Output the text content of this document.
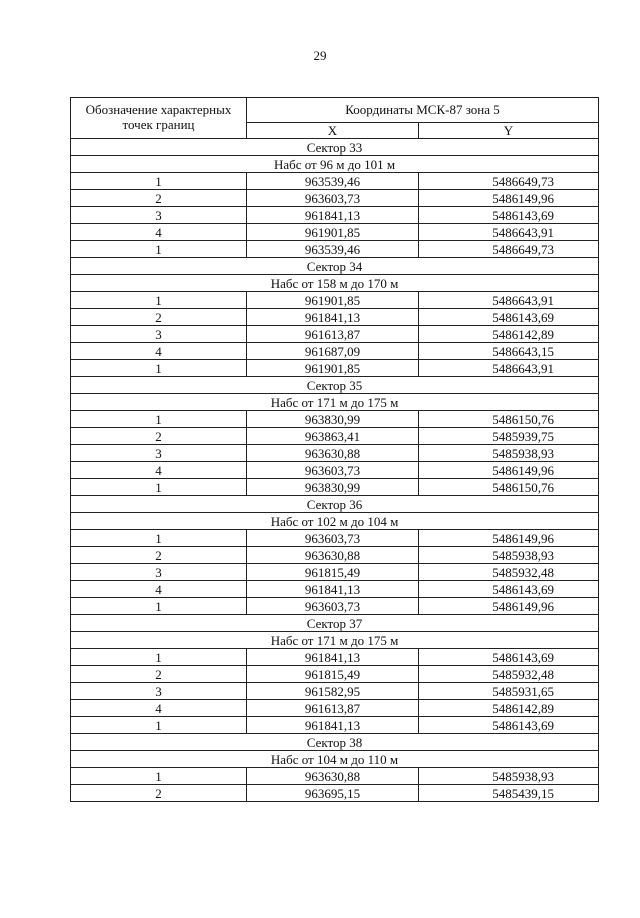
29
Обозначение характерных точек границ	Координаты МСК-87 зона 5	
	X	Y
Сектор 33		
Набс от 96 м до 101 м		
1	963539,46	5486649,73
2	963603,73	5486149,96
3	961841,13	5486143,69
4	961901,85	5486643,91
1	963539,46	5486649,73
Сектор 34		
Набс от 158 м до 170 м		
1	961901,85	5486643,91
2	961841,13	5486143,69
3	961613,87	5486142,89
4	961687,09	5486643,15
1	961901,85	5486643,91
Сектор 35		
Набс от 171 м до 175 м		
1	963830,99	5486150,76
2	963863,41	5485939,75
3	963630,88	5485938,93
4	963603,73	5486149,96
1	963830,99	5486150,76
Сектор 36		
Набс от 102 м до 104 м		
1	963603,73	5486149,96
2	963630,88	5485938,93
3	961815,49	5485932,48
4	961841,13	5486143,69
1	963603,73	5486149,96
Сектор 37		
Набс от 171 м до 175 м		
1	961841,13	5486143,69
2	961815,49	5485932,48
3	961582,95	5485931,65
4	961613,87	5486142,89
1	961841,13	5486143,69
Сектор 38		
Набс от 104 м до 110 м		
1	963630,88	5485938,93
2	963695,15	5485439,15
